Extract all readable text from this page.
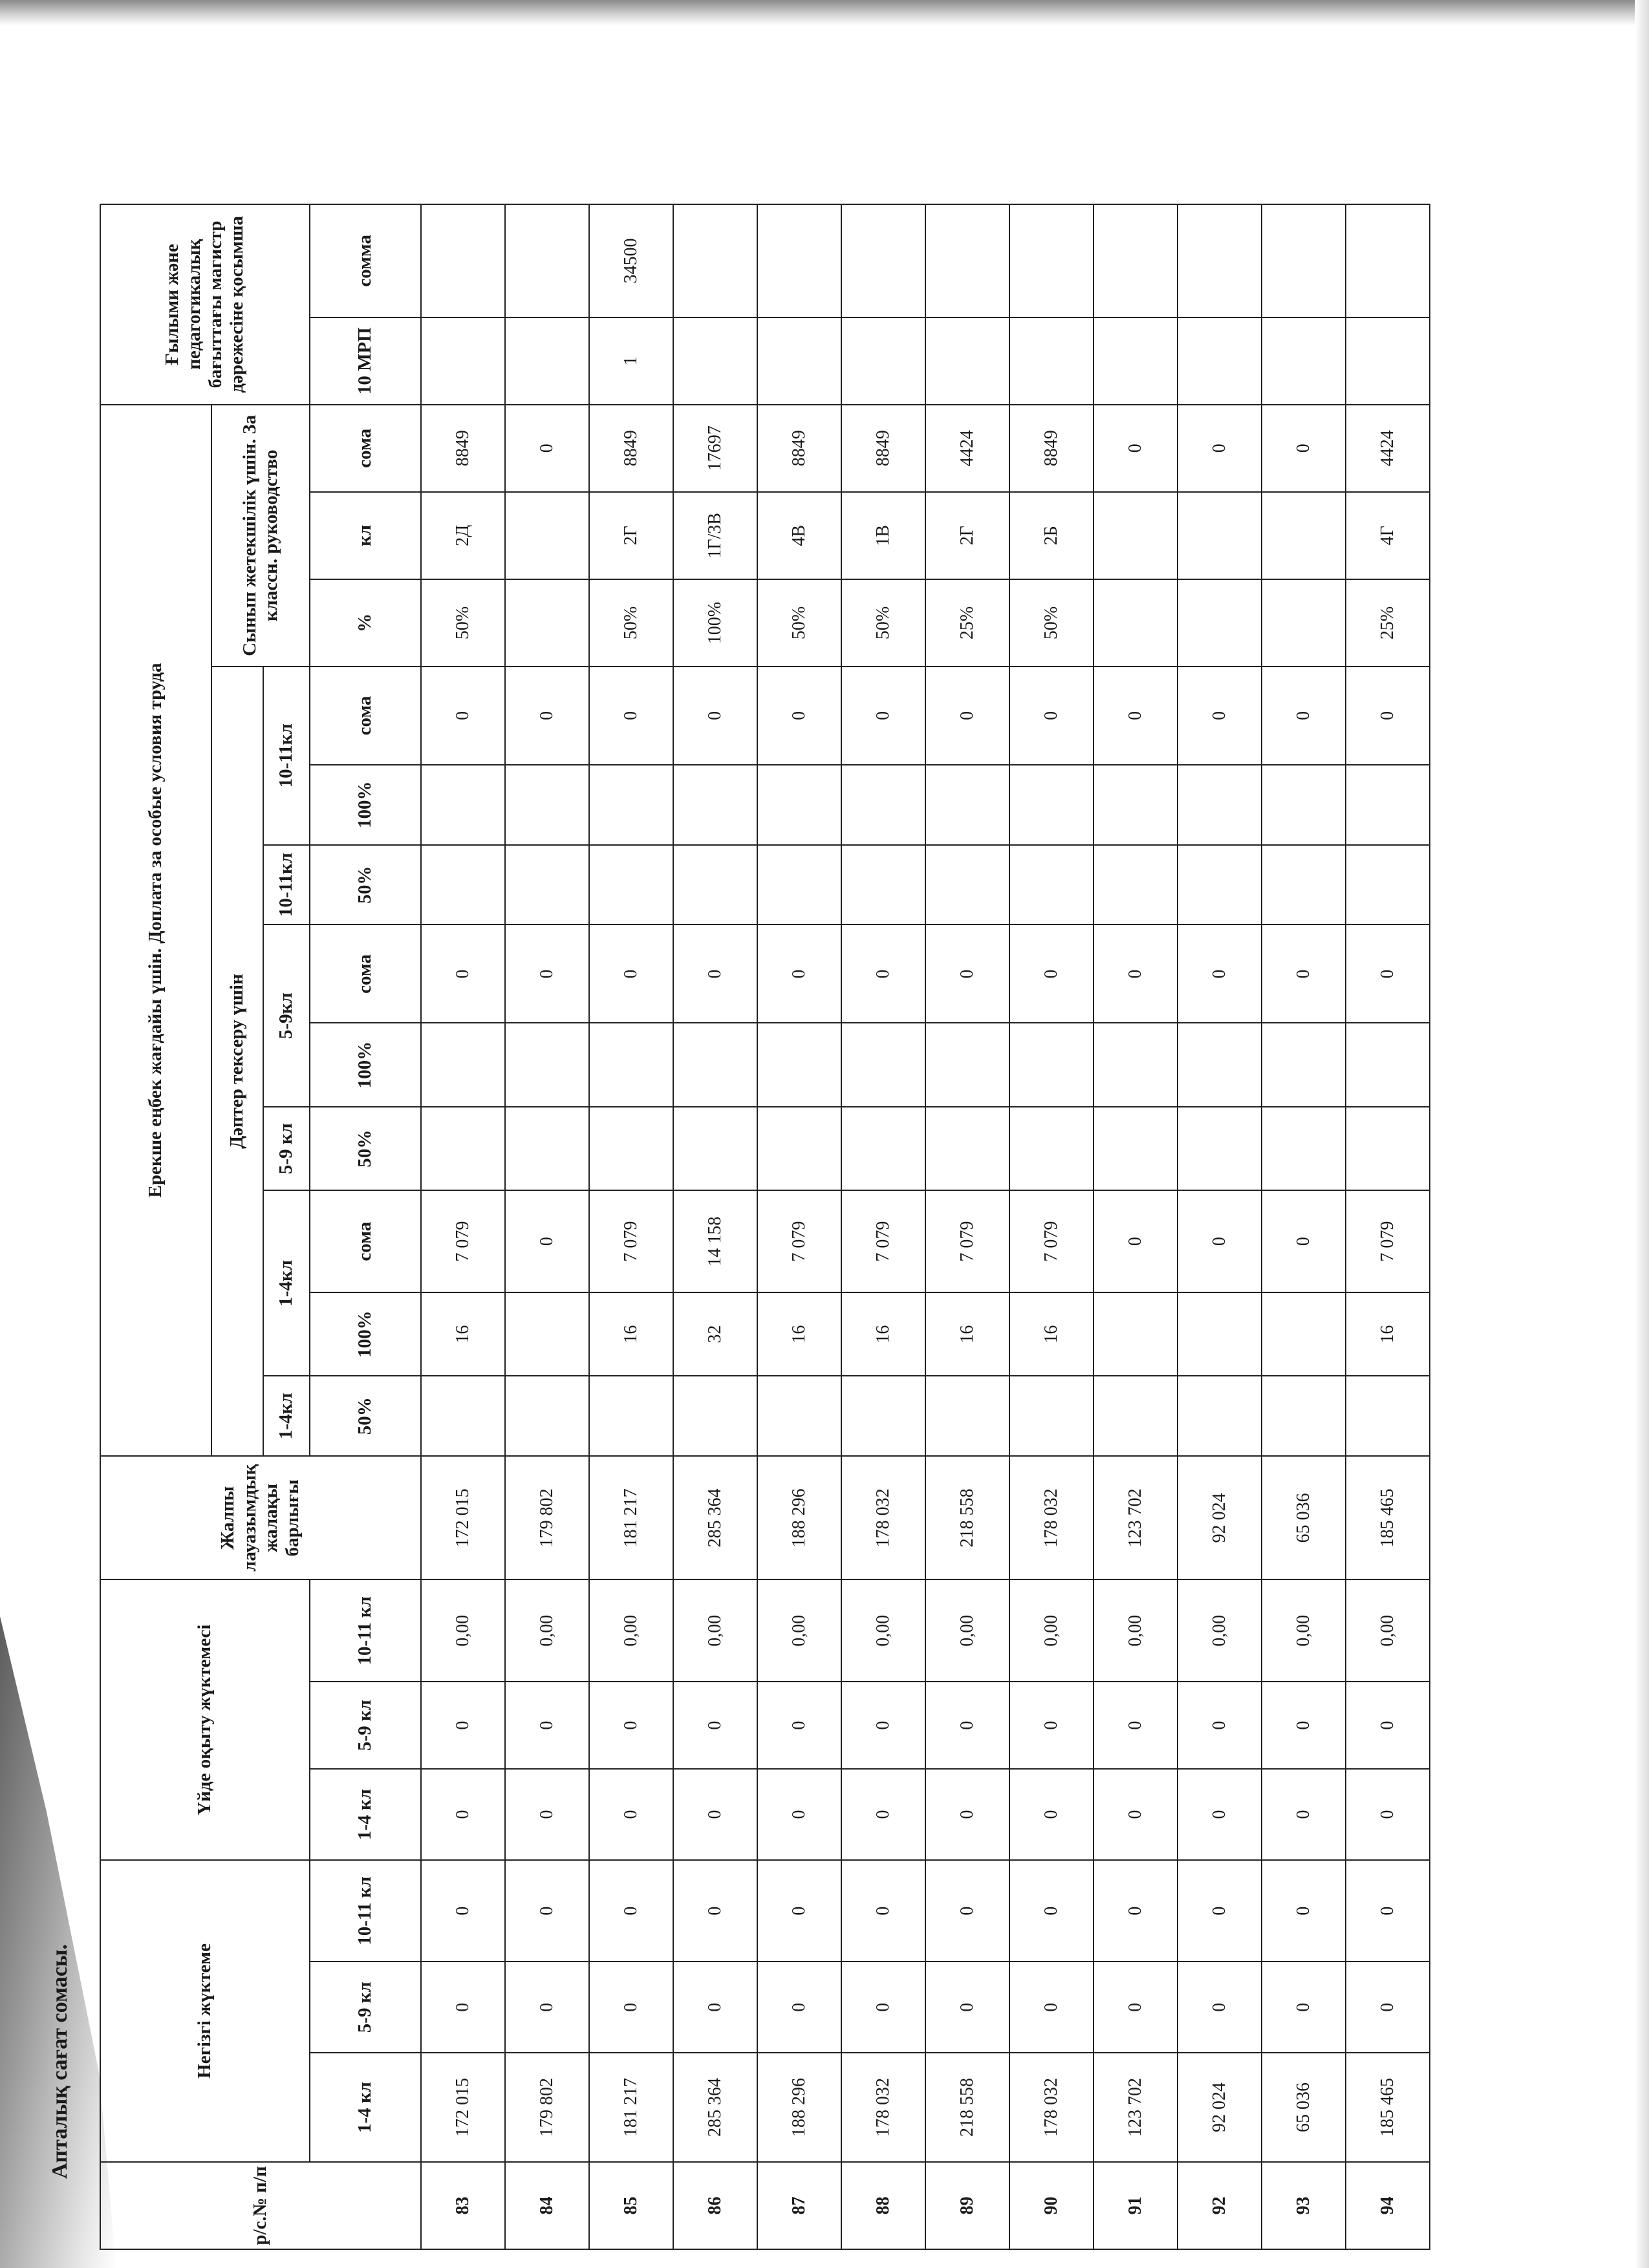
Апталық сағат сомасы.
р/с.№ п/п	Негізгі жүктеме			Үйде оқыту жүктемесі			Жалпы лауазымдық жалақы барлығы	Ерекше еңбек жағдайы үшін. Доплата за особые условия труда												Ғылыми және педагогикалық бағыттағы магистр дәрежесіне қосымша	
								Дәптер тексеру үшін									Сынып жетекшілік үшін. За классн. руководство				
								1-4кл	1-4кл		5-9 кл	5-9кл		10-11кл	10-11кл						
	1-4 кл	5-9 кл	10-11 кл	1-4 кл	5-9 кл	10-11 кл		50%	100%	сома	50%	100%	сома	50%	100%	сома	%	кл	сома	10 МРП	сомма
83	172 015	0	0	0	0	0,00	172 015		16	7 079			0			0	50%	2Д	8849		
84	179 802	0	0	0	0	0,00	179 802			0			0			0			0		
85	181 217	0	0	0	0	0,00	181 217		16	7 079			0			0	50%	2Г	8849	1	34500
86	285 364	0	0	0	0	0,00	285 364		32	14 158			0			0	100%	1Г/3В	17697		
87	188 296	0	0	0	0	0,00	188 296		16	7 079			0			0	50%	4В	8849		
88	178 032	0	0	0	0	0,00	178 032		16	7 079			0			0	50%	1В	8849		
89	218 558	0	0	0	0	0,00	218 558		16	7 079			0			0	25%	2Г	4424		
90	178 032	0	0	0	0	0,00	178 032		16	7 079			0			0	50%	2Б	8849		
91	123 702	0	0	0	0	0,00	123 702			0			0			0			0		
92	92 024	0	0	0	0	0,00	92 024			0			0			0			0		
93	65 036	0	0	0	0	0,00	65 036			0			0			0			0		
94	185 465	0	0	0	0	0,00	185 465		16	7 079			0			0	25%	4Г	4424		
